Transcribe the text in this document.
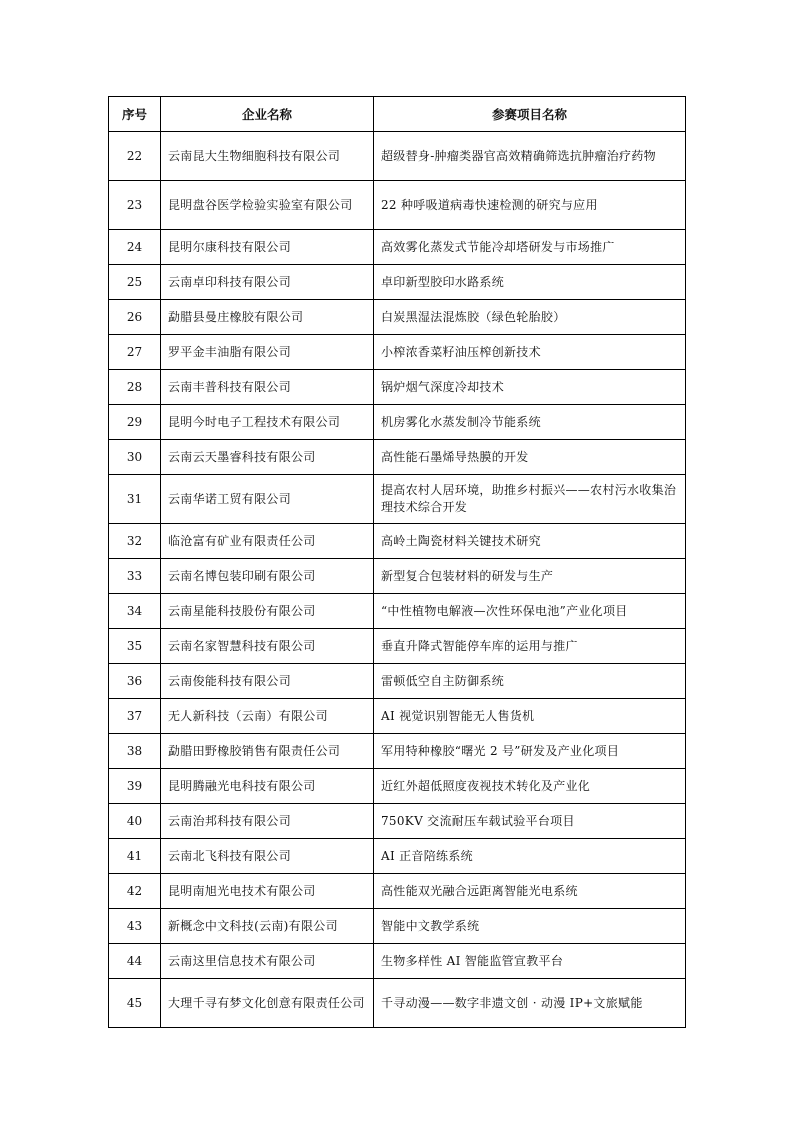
序号	企业名称	参赛项目名称
22	云南昆大生物细胞科技有限公司	超级替身-肿瘤类器官高效精确筛选抗肿瘤治疗药物
23	昆明盘谷医学检验实验室有限公司	22 种呼吸道病毒快速检测的研究与应用
24	昆明尔康科技有限公司	高效雾化蒸发式节能冷却塔研发与市场推广
25	云南卓印科技有限公司	卓印新型胶印水路系统
26	勐腊县曼庄橡胶有限公司	白炭黑湿法混炼胶（绿色轮胎胶）
27	罗平金丰油脂有限公司	小榨浓香菜籽油压榨创新技术
28	云南丰普科技有限公司	锅炉烟气深度冷却技术
29	昆明今时电子工程技术有限公司	机房雾化水蒸发制冷节能系统
30	云南云天墨睿科技有限公司	高性能石墨烯导热膜的开发
31	云南华诺工贸有限公司	提高农村人居环境，助推乡村振兴——农村污水收集治理技术综合开发
32	临沧富有矿业有限责任公司	高岭土陶瓷材料关键技术研究
33	云南名博包装印刷有限公司	新型复合包装材料的研发与生产
34	云南星能科技股份有限公司	“中性植物电解液—次性环保电池”产业化项目
35	云南名家智慧科技有限公司	垂直升降式智能停车库的运用与推广
36	云南俊能科技有限公司	雷顿低空自主防御系统
37	无人新科技（云南）有限公司	AI 视觉识别智能无人售货机
38	勐腊田野橡胶销售有限责任公司	军用特种橡胶“曙光 2 号”研发及产业化项目
39	昆明腾融光电科技有限公司	近红外超低照度夜视技术转化及产业化
40	云南治邦科技有限公司	750KV 交流耐压车载试验平台项目
41	云南北飞科技有限公司	AI 正音陪练系统
42	昆明南旭光电技术有限公司	高性能双光融合远距离智能光电系统
43	新概念中文科技(云南)有限公司	智能中文教学系统
44	云南这里信息技术有限公司	生物多样性 AI 智能监管宣教平台
45	大理千寻有梦文化创意有限责任公司	千寻动漫——数字非遗文创 · 动漫 IP+文旅赋能
